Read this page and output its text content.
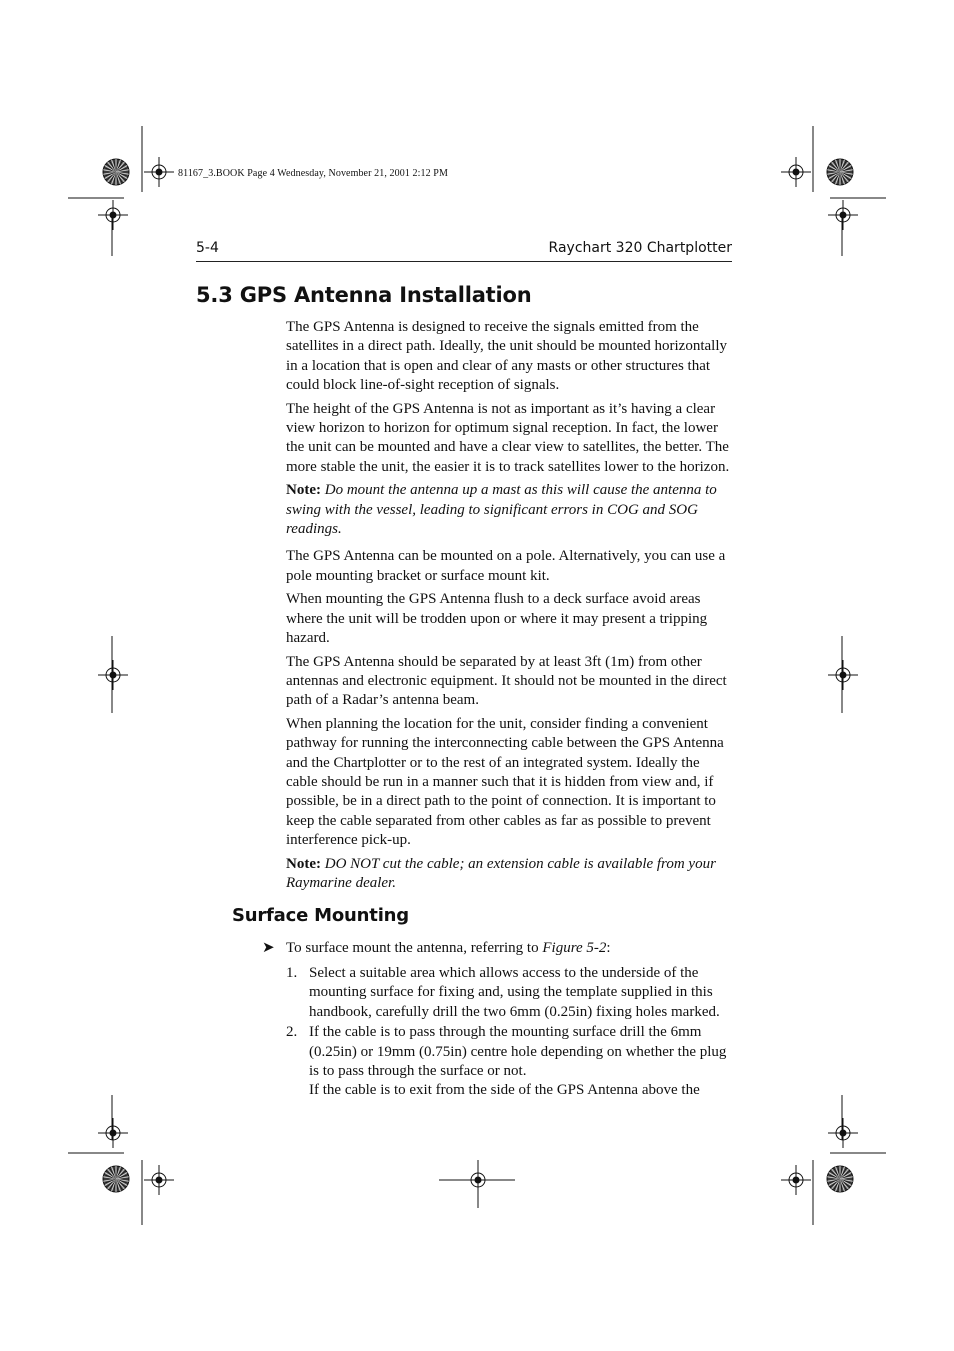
81167_3.BOOK Page 4 Wednesday, November 21, 2001 2:12 PM
5-4	Raychart 320 Chartplotter
5.3 GPS Antenna Installation

The GPS Antenna is designed to receive the signals emitted from the satellites in a direct path. Ideally, the unit should be mounted horizontally in a location that is open and clear of any masts or other structures that could block line-of-sight reception of signals.

The height of the GPS Antenna is not as important as it’s having a clear view horizon to horizon for optimum signal reception. In fact, the lower the unit can be mounted and have a clear view to satellites, the better. The more stable the unit, the easier it is to track satellites lower to the horizon.

Note: Do mount the antenna up a mast as this will cause the antenna to swing with the vessel, leading to significant errors in COG and SOG readings.

The GPS Antenna can be mounted on a pole. Alternatively, you can use a pole mounting bracket or surface mount kit.

When mounting the GPS Antenna flush to a deck surface avoid areas where the unit will be trodden upon or where it may present a tripping hazard.

The GPS Antenna should be separated by at least 3ft (1m) from other antennas and electronic equipment. It should not be mounted in the direct path of a Radar’s antenna beam.

When planning the location for the unit, consider finding a convenient pathway for running the interconnecting cable between the GPS Antenna and the Chartplotter or to the rest of an integrated system. Ideally the cable should be run in a manner such that it is hidden from view and, if possible, be in a direct path to the point of connection. It is important to keep the cable separated from other cables as far as possible to prevent interference pick-up.

Note: DO NOT cut the cable; an extension cable is available from your Raymarine dealer.

Surface Mounting
➤ To surface mount the antenna, referring to Figure 5-2:
1. Select a suitable area which allows access to the underside of the mounting surface for fixing and, using the template supplied in this handbook, carefully drill the two 6mm (0.25in) fixing holes marked.
2. If the cable is to pass through the mounting surface drill the 6mm (0.25in) or 19mm (0.75in) centre hole depending on whether the plug is to pass through the surface or not.
If the cable is to exit from the side of the GPS Antenna above the
